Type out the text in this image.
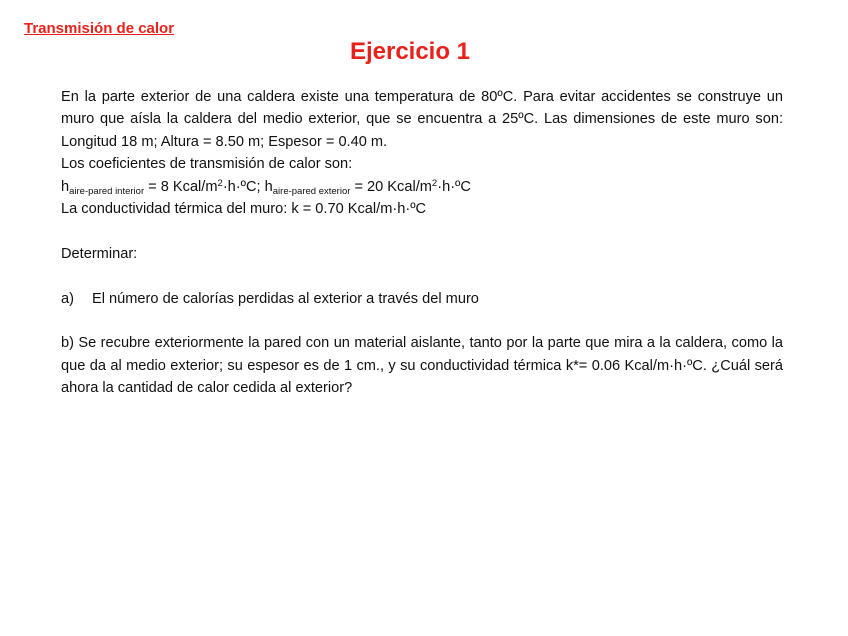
Transmisión de calor
Ejercicio 1

En la parte exterior de una caldera existe una temperatura de 80ºC. Para evitar accidentes se construye un muro que aísla la caldera del medio exterior, que se encuentra a 25ºC. Las dimensiones de este muro son: Longitud 18 m; Altura = 8.50 m; Espesor = 0.40 m.

Los coeficientes de transmisión de calor son:

$h_{aire-pared interior} = 8$ Kcal/$m^2\cdot h\cdot ºC$; $h_{aire-pared exterior} = 20$ Kcal/$m^2\cdot h\cdot ºC$

La conductividad térmica del muro: k = 0.70 Kcal/m·h·ºC

Determinar:

a)	El número de calorías perdidas al exterior a través del muro

b) Se recubre exteriormente la pared con un material aislante, tanto por la parte que mira a la caldera, como la que da al medio exterior; su espesor es de 1 cm., y su conductividad térmica k*= 0.06 Kcal/m·h·ºC. ¿Cuál será ahora la cantidad de calor cedida al exterior?
